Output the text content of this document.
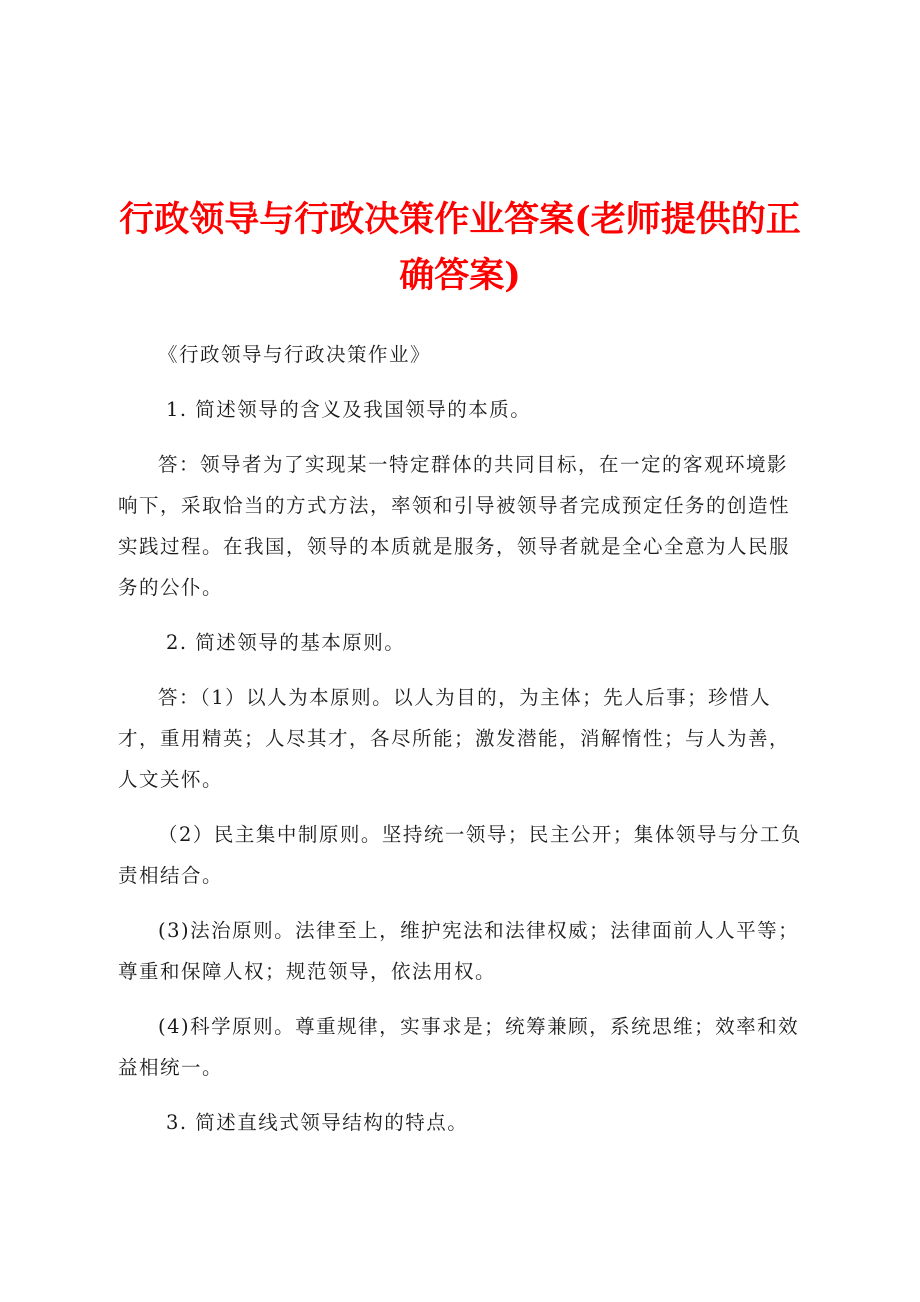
行政领导与行政决策作业答案(老师提供的正确答案)

《行政领导与行政决策作业》

1. 简述领导的含义及我国领导的本质。

答：领导者为了实现某一特定群体的共同目标，在一定的客观环境影响下，采取恰当的方式方法，率领和引导被领导者完成预定任务的创造性实践过程。在我国，领导的本质就是服务，领导者就是全心全意为人民服务的公仆。

2. 简述领导的基本原则。

答：（1）以人为本原则。以人为目的，为主体；先人后事；珍惜人才，重用精英；人尽其才，各尽所能；激发潜能，消解惰性；与人为善，人文关怀。

（2）民主集中制原则。坚持统一领导；民主公开；集体领导与分工负责相结合。

(3)法治原则。法律至上，维护宪法和法律权威；法律面前人人平等；尊重和保障人权；规范领导，依法用权。

(4)科学原则。尊重规律，实事求是；统筹兼顾，系统思维；效率和效益相统一。

3. 简述直线式领导结构的特点。
